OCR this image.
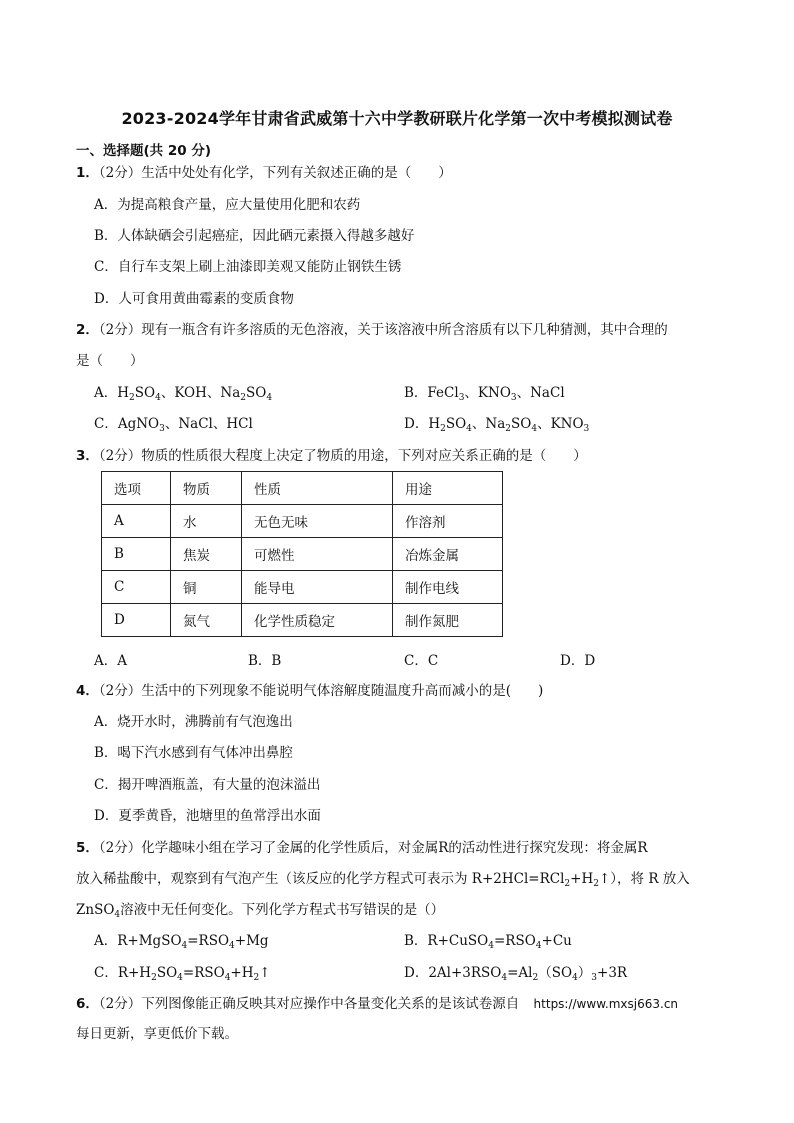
2023-2024学年甘肃省武威第十六中学教研联片化学第一次中考模拟测试卷
一、选择题(共 20 分)
1．（2分）生活中处处有化学，下列有关叙述正确的是（　　）
A．为提高粮食产量，应大量使用化肥和农药
B．人体缺硒会引起癌症，因此硒元素摄入得越多越好
C．自行车支架上刷上油漆即美观又能防止钢铁生锈
D．人可食用黄曲霉素的变质食物
2．（2分）现有一瓶含有许多溶质的无色溶液，关于该溶液中所含溶质有以下几种猜测，其中合理的
是（　　）
A．$H_2SO_4$、KOH、$Na_2SO_4$	B．FeCl$_3$、$KNO_3$、NaCl
C．AgNO$_3$、NaCl、HCl	D．$H_2SO_4$、$Na_2SO_4$、$KNO_3$
3．（2分）物质的性质很大程度上决定了物质的用途，下列对应关系正确的是（　　）
选项	物质	性质	用途
A	水	无色无味	作溶剂
B	焦炭	可燃性	冶炼金属
C	铜	能导电	制作电线
D	氮气	化学性质稳定	制作氮肥
A．A	B．B	C．C	D．D
4．（2分）生活中的下列现象不能说明气体溶解度随温度升高而减小的是(　　)
A．烧开水时，沸腾前有气泡逸出
B．喝下汽水感到有气体冲出鼻腔
C．揭开啤酒瓶盖，有大量的泡沫溢出
D．夏季黄昏，池塘里的鱼常浮出水面
5．（2分）化学趣味小组在学习了金属的化学性质后，对金属R的活动性进行探究发现：将金属R
放入稀盐酸中，观察到有气泡产生（该反应的化学方程式可表示为 $R+2HCl=RCl_2+H_2↑$），将 R 放入
ZnSO$_4$溶液中无任何变化。下列化学方程式书写错误的是（）
A．$R+MgSO_4=RSO_4+Mg$	B．$R+CuSO_4=RSO_4+Cu$
C．$R+H_2SO_4=RSO_4+H_2↑$	D．$2Al+3RSO_4=Al_2(SO_4)_3+3R$
6．（2分）下列图像能正确反映其对应操作中各量变化关系的是该试卷源自 https://www.mxsj663.cn
每日更新，享更低价下载。
